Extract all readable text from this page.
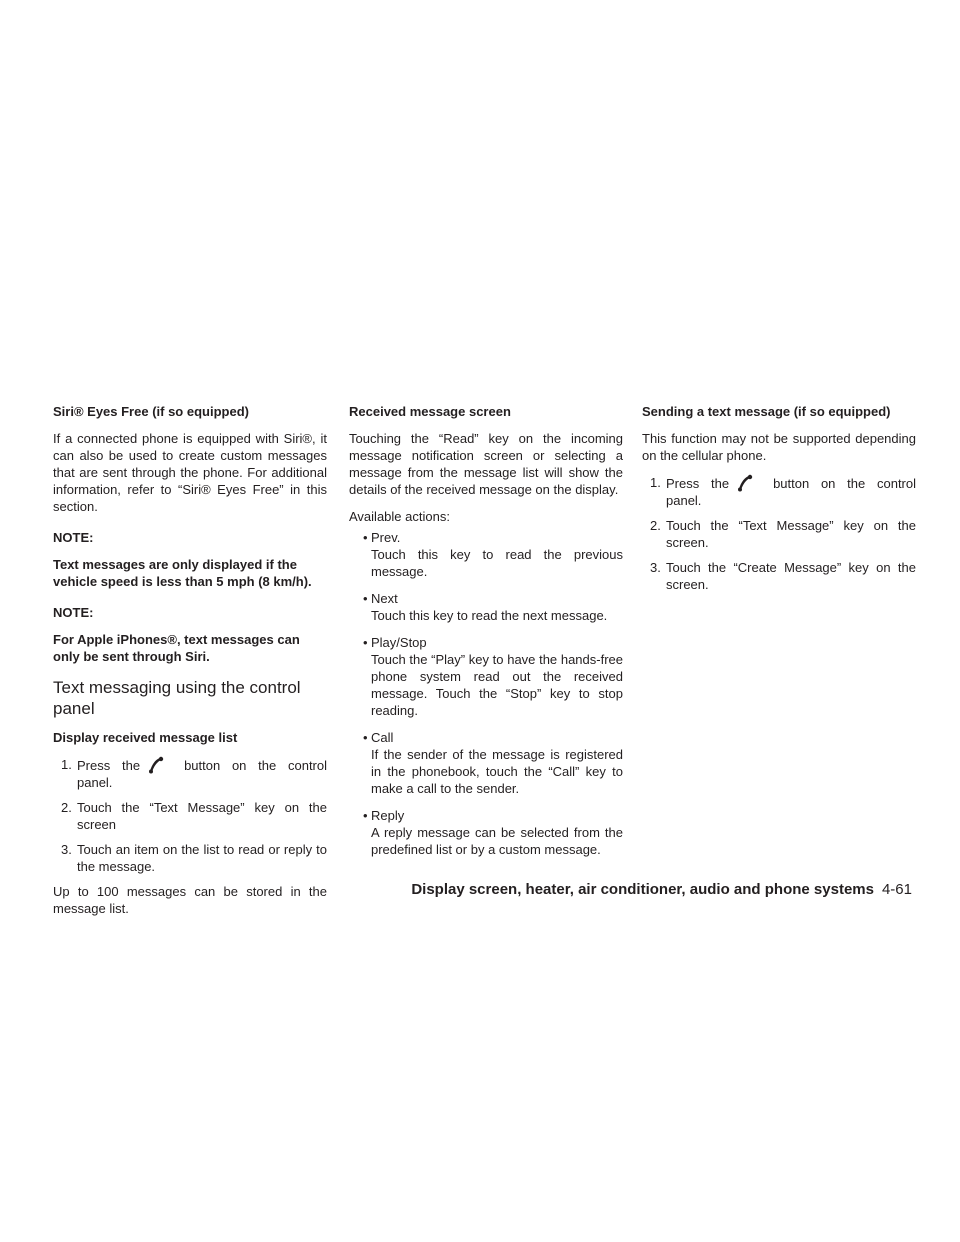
Siri® Eyes Free (if so equipped)

If a connected phone is equipped with Siri®, it can also be used to create custom messages that are sent through the phone. For additional information, refer to “Siri® Eyes Free” in this section.

NOTE:
Text messages are only displayed if the vehicle speed is less than 5 mph (8 km/h).
NOTE:
For Apple iPhones®, text messages can only be sent through Siri.
Text messaging using the control panel
Display received message list
1. Press the	button on the control panel.
2. Touch the “Text Message” key on the screen
3. Touch an item on the list to read or reply to the message.

Up to 100 messages can be stored in the message list.

Received message screen

Touching the “Read” key on the incoming message notification screen or selecting a message from the message list will show the details of the received message on the display.

Available actions:

• Prev.
Touch this key to read the previous message.
• Next
Touch this key to read the next message.
• Play/Stop
Touch the “Play” key to have the hands-free phone system read out the received message. Touch the “Stop” key to stop reading.
• Call
If the sender of the message is registered in the phonebook, touch the “Call” key to make a call to the sender.
• Reply
A reply message can be selected from the predefined list or by a custom message.
Sending a text message (if so equipped)

This function may not be supported depending on the cellular phone.

1. Press the	button on the control panel.
2. Touch the “Text Message” key on the screen.
3. Touch the “Create Message” key on the screen.
Display screen, heater, air conditioner, audio and phone systems 4-61
